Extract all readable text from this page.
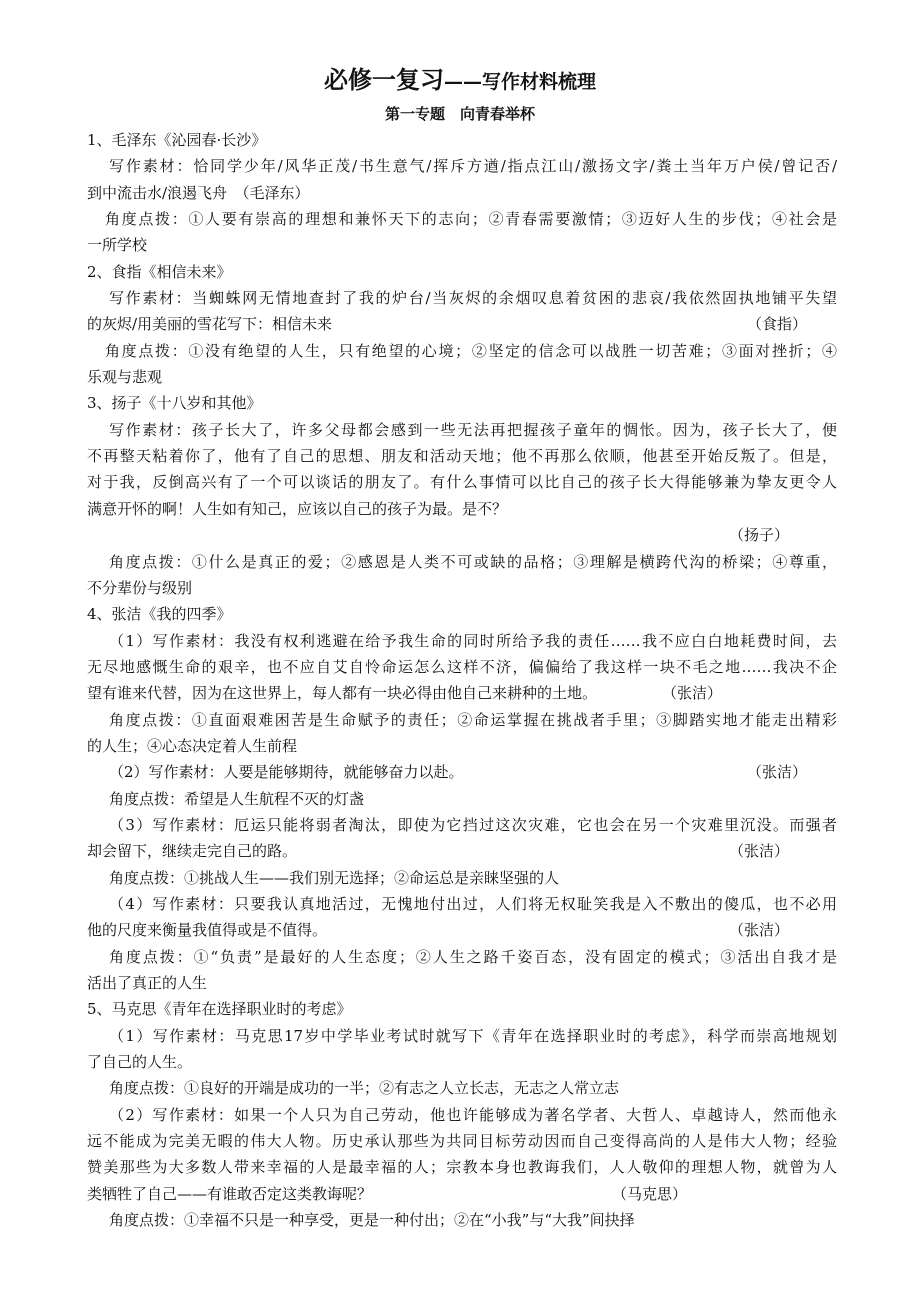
必修一复习——写作材料梳理
第一专题　向青春举杯
1、毛泽东《沁园春·长沙》
写作素材：恰同学少年/风华正茂/书生意气/挥斥方遒/指点江山/激扬文字/粪土当年万户侯/曾记否/
到中流击水/浪遏飞舟　（毛泽东）
角度点拨：①人要有崇高的理想和兼怀天下的志向；②青春需要激情；③迈好人生的步伐；④社会是
一所学校
2、食指《相信未来》
写作素材：当蜘蛛网无情地查封了我的炉台/当灰烬的余烟叹息着贫困的悲哀/我依然固执地铺平失望
的灰烬/用美丽的雪花写下：相信未来	（食指）
角度点拨：①没有绝望的人生，只有绝望的心境；②坚定的信念可以战胜一切苦难；③面对挫折；④
乐观与悲观
3、扬子《十八岁和其他》
写作素材：孩子长大了，许多父母都会感到一些无法再把握孩子童年的惆怅。因为，孩子长大了，便
不再整天粘着你了，他有了自己的思想、朋友和活动天地；他不再那么依顺，他甚至开始反叛了。但是，
对于我，反倒高兴有了一个可以谈话的朋友了。有什么事情可以比自己的孩子长大得能够兼为挚友更令人
满意开怀的啊！人生如有知己，应该以自己的孩子为最。是不？
（扬子）
角度点拨：①什么是真正的爱；②感恩是人类不可或缺的品格；③理解是横跨代沟的桥梁；④尊重，
不分辈份与级别
4、张洁《我的四季》
（1）写作素材：我没有权利逃避在给予我生命的同时所给予我的责任……我不应白白地耗费时间，去
无尽地感慨生命的艰辛，也不应自艾自怜命运怎么这样不济，偏偏给了我这样一块不毛之地……我决不企
望有谁来代替，因为在这世界上，每人都有一块必得由他自己来耕种的土地。	（张洁）
角度点拨：①直面艰难困苦是生命赋予的责任；②命运掌握在挑战者手里；③脚踏实地才能走出精彩
的人生；④心态决定着人生前程
（2）写作素材：人要是能够期待，就能够奋力以赴。	（张洁）
角度点拨：希望是人生航程不灭的灯盏
（3）写作素材：厄运只能将弱者淘汰，即使为它挡过这次灾难，它也会在另一个灾难里沉没。而强者
却会留下，继续走完自己的路。	（张洁）
角度点拨：①挑战人生——我们别无选择；②命运总是亲睐坚强的人
（4）写作素材：只要我认真地活过，无愧地付出过，人们将无权耻笑我是入不敷出的傻瓜，也不必用
他的尺度来衡量我值得或是不值得。	（张洁）
角度点拨：①“负责”是最好的人生态度；②人生之路千姿百态，没有固定的模式；③活出自我才是
活出了真正的人生
5、马克思《青年在选择职业时的考虑》
（1）写作素材：马克思17岁中学毕业考试时就写下《青年在选择职业时的考虑》，科学而崇高地规划
了自己的人生。
角度点拨：①良好的开端是成功的一半；②有志之人立长志，无志之人常立志
（2）写作素材：如果一个人只为自己劳动，他也许能够成为著名学者、大哲人、卓越诗人，然而他永
远不能成为完美无暇的伟大人物。历史承认那些为共同目标劳动因而自己变得高尚的人是伟大人物；经验
赞美那些为大多数人带来幸福的人是最幸福的人；宗教本身也教诲我们，人人敬仰的理想人物，就曾为人
类牺牲了自己——有谁敢否定这类教诲呢？	（马克思）
角度点拨：①幸福不只是一种享受，更是一种付出；②在“小我”与“大我”间抉择
